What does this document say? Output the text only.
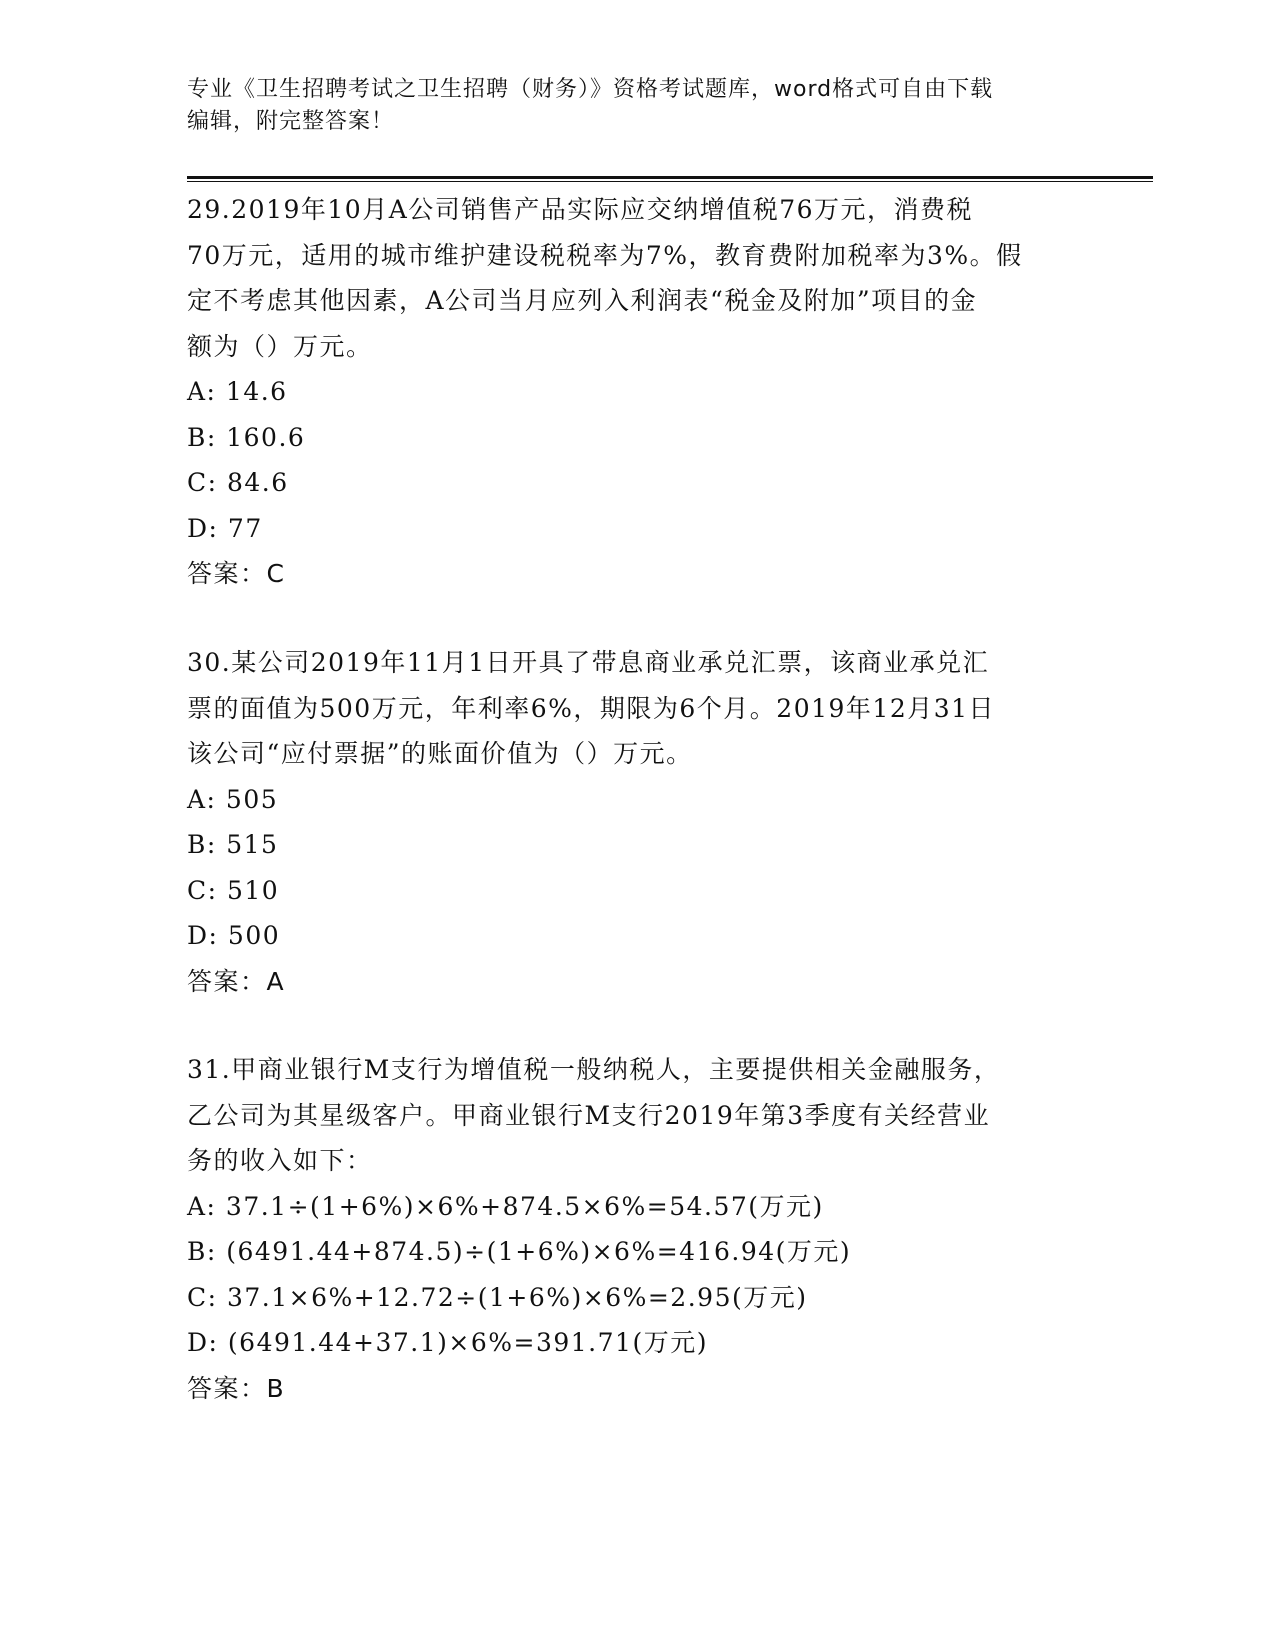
专业《卫生招聘考试之卫生招聘（财务）》资格考试题库，word格式可自由下载
编辑，附完整答案！
29.2019年10月A公司销售产品实际应交纳增值税76万元，消费税
70万元，适用的城市维护建设税税率为7%，教育费附加税率为3%。假
定不考虑其他因素，A公司当月应列入利润表“税金及附加”项目的金
额为（）万元。
A: 14.6
B: 160.6
C: 84.6
D: 77
答案：C
30.某公司2019年11月1日开具了带息商业承兑汇票，该商业承兑汇
票的面值为500万元，年利率6%，期限为6个月。2019年12月31日
该公司“应付票据”的账面价值为（）万元。
A: 505
B: 515
C: 510
D: 500
答案：A
31.甲商业银行M支行为增值税一般纳税人，主要提供相关金融服务，
乙公司为其星级客户。甲商业银行M支行2019年第3季度有关经营业
务的收入如下：
A: 37.1÷(1+6%)×6%+874.5×6%=54.57(万元)
B: (6491.44+874.5)÷(1+6%)×6%=416.94(万元)
C: 37.1×6%+12.72÷(1+6%)×6%=2.95(万元)
D: (6491.44+37.1)×6%=391.71(万元)
答案：B
